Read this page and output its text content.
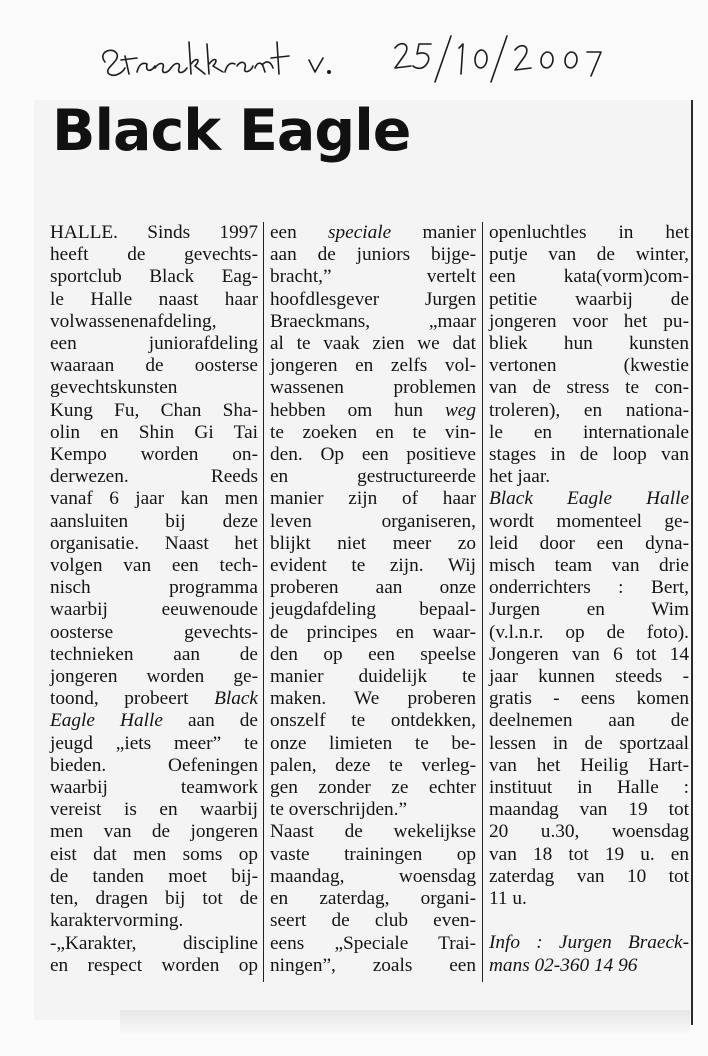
Black Eagle
HALLE. Sinds 1997
heeft de gevechts-
sportclub Black Eag-
le Halle naast haar
volwassenenafdeling,
een juniorafdeling
waaraan de oosterse
gevechtskunsten
Kung Fu, Chan Sha-
olin en Shin Gi Tai
Kempo worden on-
derwezen. Reeds
vanaf 6 jaar kan men
aansluiten bij deze
organisatie. Naast het
volgen van een tech-
nisch programma
waarbij eeuwenoude
oosterse gevechts-
technieken aan de
jongeren worden ge-
toond, probeert Black
Eagle Halle aan de
jeugd „iets meer” te
bieden. Oefeningen
waarbij teamwork
vereist is en waarbij
men van de jongeren
eist dat men soms op
de tanden moet bij-
ten, dragen bij tot de
karaktervorming.
-„Karakter, discipline
en respect worden op
een speciale manier
aan de juniors bijge-
bracht,” vertelt
hoofdlesgever Jurgen
Braeckmans, „maar
al te vaak zien we dat
jongeren en zelfs vol-
wassenen problemen
hebben om hun weg
te zoeken en te vin-
den. Op een positieve
en gestructureerde
manier zijn of haar
leven organiseren,
blijkt niet meer zo
evident te zijn. Wij
proberen aan onze
jeugdafdeling bepaal-
de principes en waar-
den op een speelse
manier duidelijk te
maken. We proberen
onszelf te ontdekken,
onze limieten te be-
palen, deze te verleg-
gen zonder ze echter
te overschrijden.”
Naast de wekelijkse
vaste trainingen op
maandag, woensdag
en zaterdag, organi-
seert de club even-
eens „Speciale Trai-
ningen”, zoals een
openluchtles in het
putje van de winter,
een kata(vorm)com-
petitie waarbij de
jongeren voor het pu-
bliek hun kunsten
vertonen (kwestie
van de stress te con-
troleren), en nationa-
le en internationale
stages in de loop van
het jaar.
Black Eagle Halle
wordt momenteel ge-
leid door een dyna-
misch team van drie
onderrichters : Bert,
Jurgen en Wim
(v.l.n.r. op de foto).
Jongeren van 6 tot 14
jaar kunnen steeds -
gratis - eens komen
deelnemen aan de
lessen in de sportzaal
van het Heilig Hart-
instituut in Halle :
maandag van 19 tot
20 u.30, woensdag
van 18 tot 19 u. en
zaterdag van 10 tot
11 u.
Info : Jurgen Braeck-
mans 02-360 14 96
